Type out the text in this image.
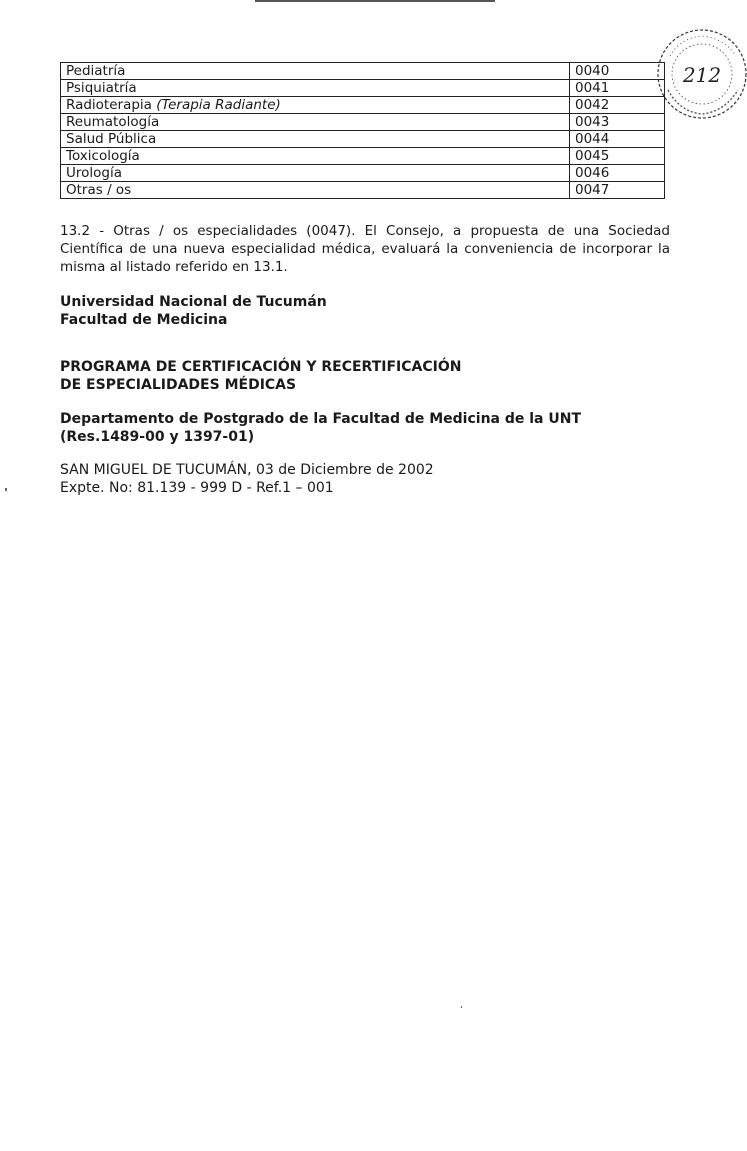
Pediatría	0040
Psiquiatría	0041
Radioterapia (Terapia Radiante)	0042
Reumatología	0043
Salud Pública	0044
Toxicología	0045
Urología	0046
Otras / os	0047
212
13.2 - Otras / os especialidades (0047). El Consejo, a propuesta de una Sociedad Científica de una nueva especialidad médica, evaluará la conveniencia de incorporar la misma al listado referido en 13.1.
Universidad Nacional de Tucumán
Facultad de Medicina
PROGRAMA DE CERTIFICACIÓN Y RECERTIFICACIÓN
DE ESPECIALIDADES MÉDICAS
Departamento de Postgrado de la Facultad de Medicina de la UNT
(Res.1489-00 y 1397-01)
SAN MIGUEL DE TUCUMÁN, 03 de Diciembre de 2002
Expte. No: 81.139 - 999 D - Ref.1 – 001
